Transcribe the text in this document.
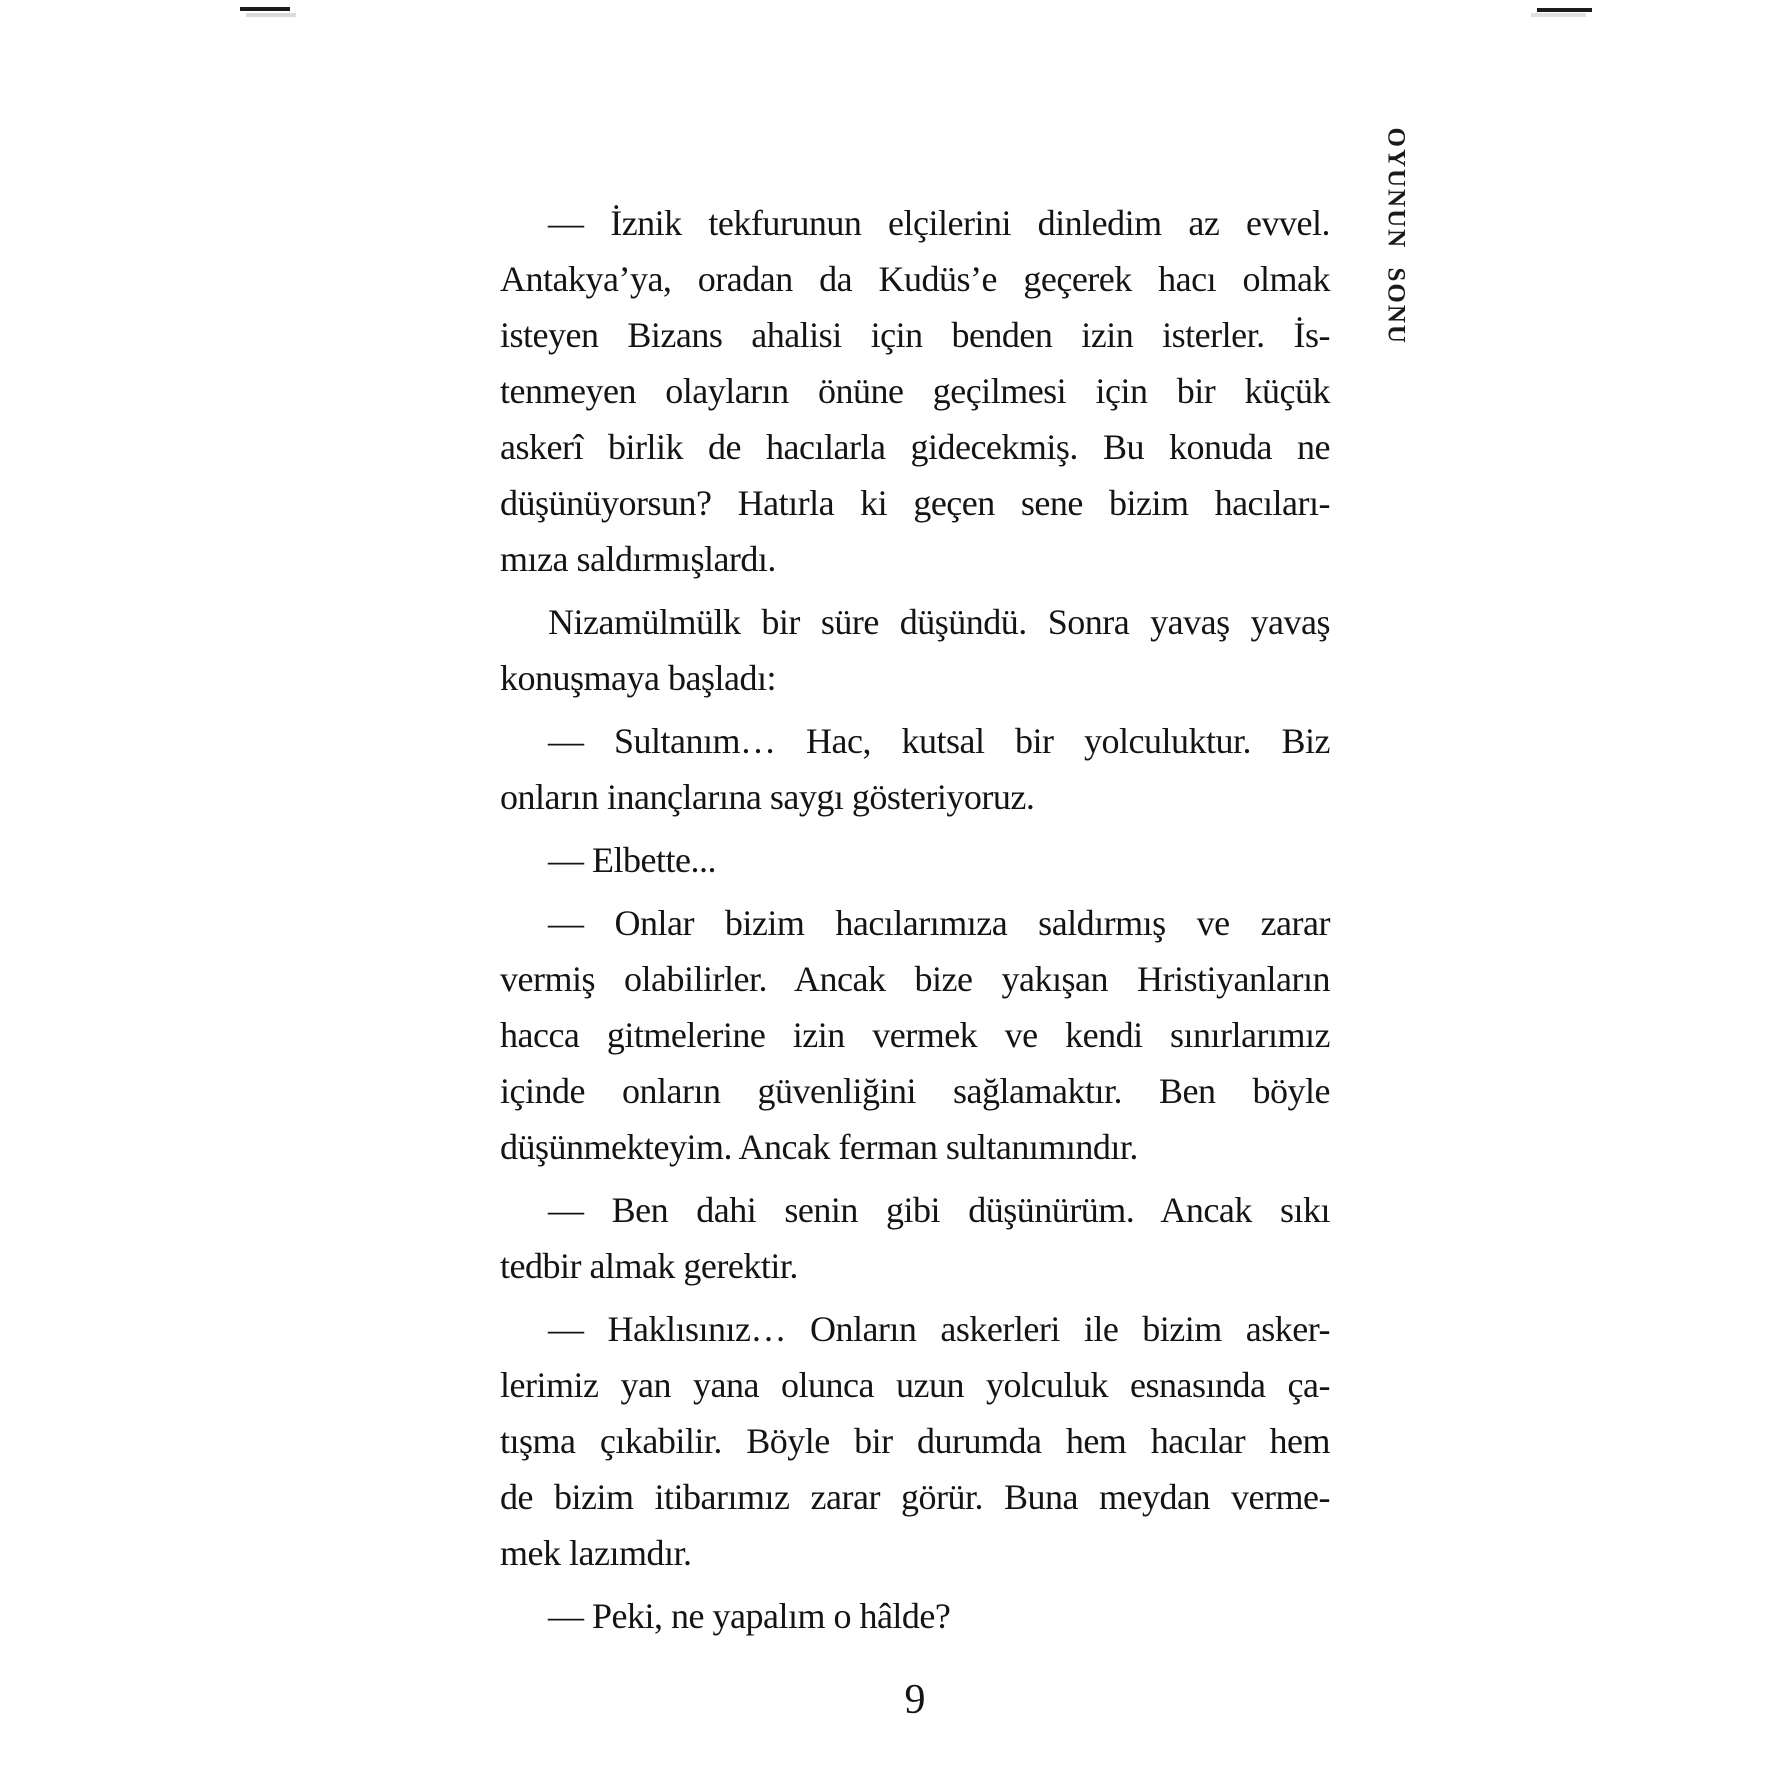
OYUNUN SONU
— İznik tekfurunun elçilerini dinledim az evvel.
Antakya’ya, oradan da Kudüs’e geçerek hacı olmak
isteyen Bizans ahalisi için benden izin isterler. İs-
tenmeyen olayların önüne geçilmesi için bir küçük
askerî birlik de hacılarla gidecekmiş. Bu konuda ne
düşünüyorsun? Hatırla ki geçen sene bizim hacıları-
mıza saldırmışlardı.
Nizamülmülk bir süre düşündü. Sonra yavaş yavaş
konuşmaya başladı:
— Sultanım… Hac, kutsal bir yolculuktur. Biz
onların inançlarına saygı gösteriyoruz.
— Elbette...
— Onlar bizim hacılarımıza saldırmış ve zarar
vermiş olabilirler. Ancak bize yakışan Hristiyanların
hacca gitmelerine izin vermek ve kendi sınırlarımız
içinde onların güvenliğini sağlamaktır. Ben böyle
düşünmekteyim. Ancak ferman sultanımındır.
— Ben dahi senin gibi düşünürüm. Ancak sıkı
tedbir almak gerektir.
— Haklısınız… Onların askerleri ile bizim asker-
lerimiz yan yana olunca uzun yolculuk esnasında ça-
tışma çıkabilir. Böyle bir durumda hem hacılar hem
de bizim itibarımız zarar görür. Buna meydan verme-
mek lazımdır.
— Peki, ne yapalım o hâlde?
9
